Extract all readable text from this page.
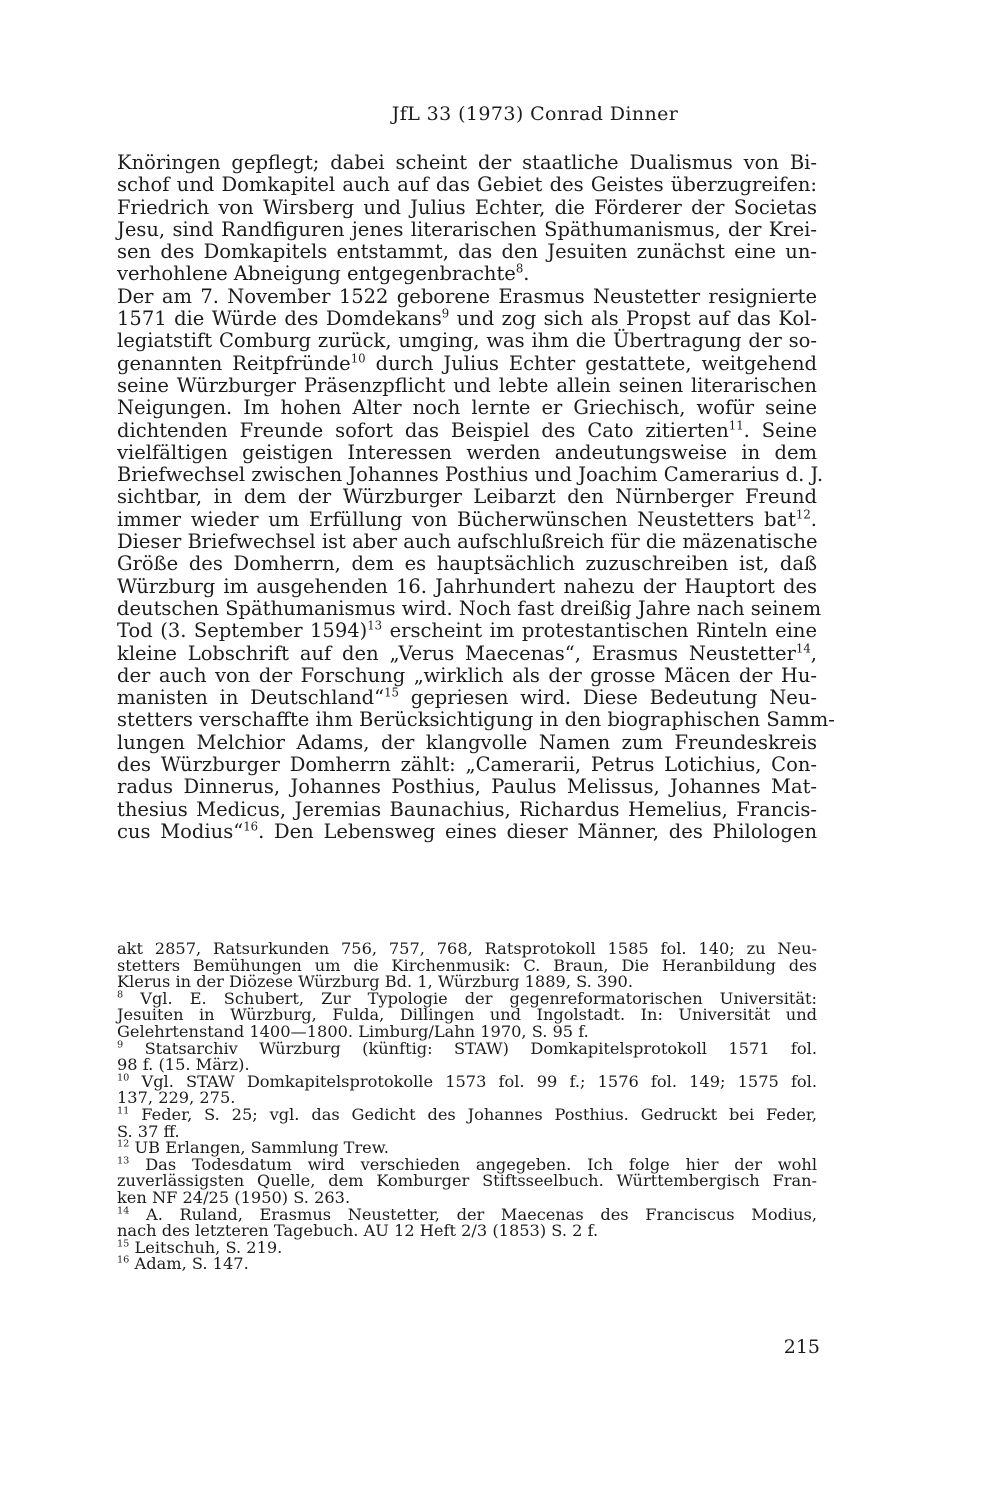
JfL 33 (1973) Conrad Dinner
Knöringen gepflegt; dabei scheint der staatliche Dualismus von Bi-
schof und Domkapitel auch auf das Gebiet des Geistes überzugreifen:
Friedrich von Wirsberg und Julius Echter, die Förderer der Societas
Jesu, sind Randfiguren jenes literarischen Späthumanismus, der Krei-
sen des Domkapitels entstammt, das den Jesuiten zunächst eine un-
verhohlene Abneigung entgegenbrachte$^8$.
Der am 7. November 1522 geborene Erasmus Neustetter resignierte
1571 die Würde des Domdekans$^9$ und zog sich als Propst auf das Kol-
legiatstift Comburg zurück, umging, was ihm die Übertragung der so-
genannten Reitpfründe$^{10}$ durch Julius Echter gestattete, weitgehend
seine Würzburger Präsenzpflicht und lebte allein seinen literarischen
Neigungen. Im hohen Alter noch lernte er Griechisch, wofür seine
dichtenden Freunde sofort das Beispiel des Cato zitierten$^{11}$. Seine
vielfältigen geistigen Interessen werden andeutungsweise in dem
Briefwechsel zwischen Johannes Posthius und Joachim Camerarius d. J.
sichtbar, in dem der Würzburger Leibarzt den Nürnberger Freund
immer wieder um Erfüllung von Bücherwünschen Neustetters bat$^{12}$.
Dieser Briefwechsel ist aber auch aufschlußreich für die mäzenatische
Größe des Domherrn, dem es hauptsächlich zuzuschreiben ist, daß
Würzburg im ausgehenden 16. Jahrhundert nahezu der Hauptort des
deutschen Späthumanismus wird. Noch fast dreißig Jahre nach seinem
Tod (3. September 1594)$^{13}$ erscheint im protestantischen Rinteln eine
kleine Lobschrift auf den „Verus Maecenas“, Erasmus Neustetter$^{14}$,
der auch von der Forschung „wirklich als der grosse Mäcen der Hu-
manisten in Deutschland“$^{15}$ gepriesen wird. Diese Bedeutung Neu-
stetters verschaffte ihm Berücksichtigung in den biographischen Samm-
lungen Melchior Adams, der klangvolle Namen zum Freundeskreis
des Würzburger Domherrn zählt: „Camerarii, Petrus Lotichius, Con-
radus Dinnerus, Johannes Posthius, Paulus Melissus, Johannes Mat-
thesius Medicus, Jeremias Baunachius, Richardus Hemelius, Francis-
cus Modius“$^{16}$. Den Lebensweg eines dieser Männer, des Philologen
akt 2857, Ratsurkunden 756, 757, 768, Ratsprotokoll 1585 fol. 140; zu Neu-
stetters Bemühungen um die Kirchenmusik: C. Braun, Die Heranbildung des
Klerus in der Diözese Würzburg Bd. 1, Würzburg 1889, S. 390.
$^8$ Vgl. E. Schubert, Zur Typologie der gegenreformatorischen Universität:
Jesuiten in Würzburg, Fulda, Dillingen und Ingolstadt. In: Universität und
Gelehrtenstand 1400—1800. Limburg/Lahn 1970, S. 95 f.
$^9$ Statsarchiv Würzburg (künftig: STAW) Domkapitelsprotokoll 1571 fol.
98 f. (15. März).
$^{10}$ Vgl. STAW Domkapitelsprotokolle 1573 fol. 99 f.; 1576 fol. 149; 1575 fol.
137, 229, 275.
$^{11}$ Feder, S. 25; vgl. das Gedicht des Johannes Posthius. Gedruckt bei Feder,
S. 37 ff.
$^{12}$ UB Erlangen, Sammlung Trew.
$^{13}$ Das Todesdatum wird verschieden angegeben. Ich folge hier der wohl
zuverlässigsten Quelle, dem Komburger Stiftsseelbuch. Württembergisch Fran-
ken NF 24/25 (1950) S. 263.
$^{14}$ A. Ruland, Erasmus Neustetter, der Maecenas des Franciscus Modius,
nach des letzteren Tagebuch. AU 12 Heft 2/3 (1853) S. 2 f.
$^{15}$ Leitschuh, S. 219.
$^{16}$ Adam, S. 147.
215
